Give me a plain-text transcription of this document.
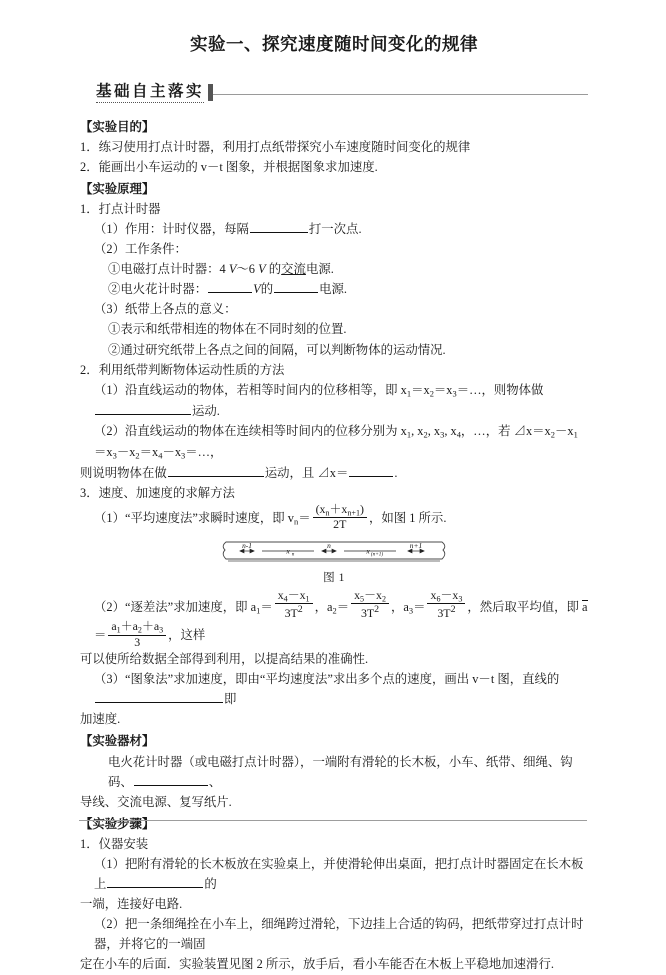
实验一、探究速度随时间变化的规律
基础自主落实

【实验目的】

1．练习使用打点计时器，利用打点纸带探究小车速度随时间变化的规律

2．能画出小车运动的 v－t 图象，并根据图象求加速度.

【实验原理】

1．打点计时器

（1）作用：计时仪器，每隔	打一次点.

（2）工作条件：

①电磁打点计时器：4 V～6 V 的交流电源.

②电火花计时器：	V的	电源.

（3）纸带上各点的意义：

①表示和纸带相连的物体在不同时刻的位置.

②通过研究纸带上各点之间的间隔，可以判断物体的运动情况.

2．利用纸带判断物体运动性质的方法

（1）沿直线运动的物体，若相等时间内的位移相等，即 $x_1=x_2=x_3=\dots$，则物体做运动.

（2）沿直线运动的物体在连续相等时间内的位移分别为 $x_1$, $x_2$, $x_3$, $x_4$，…，若 $⊿x=x_2-x_1=x_3-x_2=x_4-x_3=\dots$，

则说明物体在做	运动，且 ⊿x＝	.

3．速度、加速度的求解方法

（1）“平均速度法”求瞬时速度，即 $v_n= \frac{(x_n+x_{n+1})}{2T}$ ，如图 1 所示.

n-1	n	n+1
x n	x (n+1)
图 1

（2）“逐差法”求加速度，即 $a_1= \frac{x_4-x_1}{3T^2}$ ，$a_2= \frac{x_5-x_2}{3T^2}$ ，$a_3= \frac{x_6-x_3}{3T^2}$ ，然后取平均值，即 $a = \frac{a_1+a_2+a_3}{3}$ ，这样

可以使所给数据全部得到利用，以提高结果的准确性.

（3）“图象法”求加速度，即由“平均速度法”求出多个点的速度，画出 v－t 图，直线的即

加速度.

【实验器材】

电火花计时器（或电磁打点计时器），一端附有滑轮的长木板，小车、纸带、细绳、钩码、	、

导线、交流电源、复写纸片.

【实验步骤】

1．仪器安装

（1）把附有滑轮的长木板放在实验桌上，并使滑轮伸出桌面，把打点计时器固定在长木板上	的

一端，连接好电路.

（2）把一条细绳拴在小车上，细绳跨过滑轮，下边挂上合适的钩码，把纸带穿过打点计时器，并将它的一端固

定在小车的后面．实验装置见图 2 所示，放手后，看小车能否在木板上平稳地加速滑行.
